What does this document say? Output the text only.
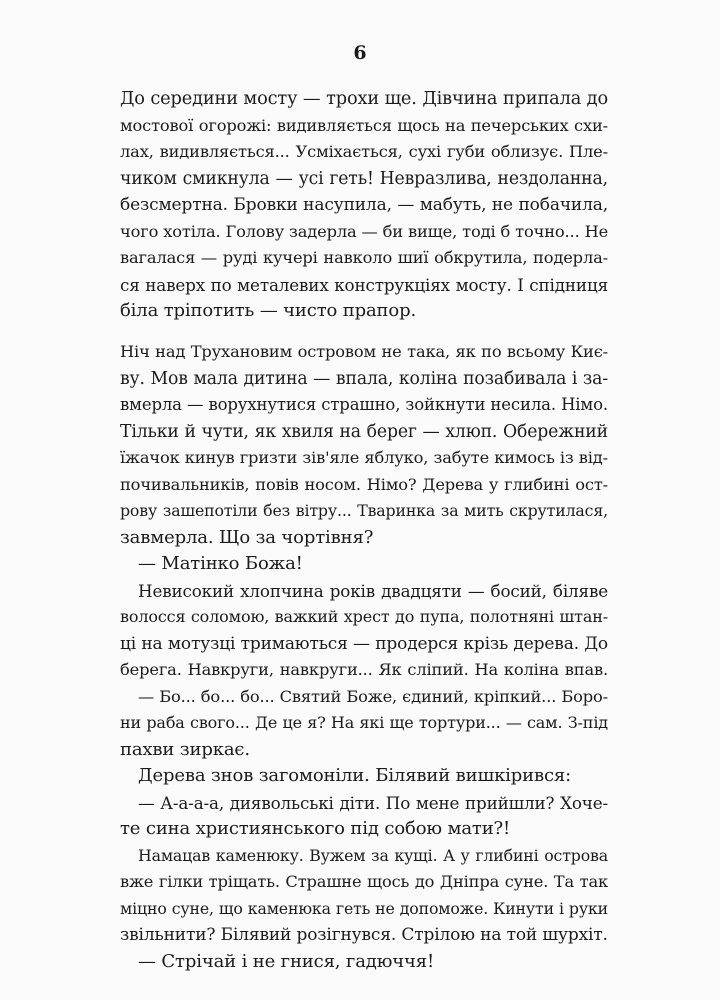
6
До середини мосту — трохи ще. Дівчина припала до
мостової огорожі: видивляється щось на печерських схи-
лах, видивляється... Усміхається, сухі губи облизує. Пле-
чиком смикнула — усі геть! Невразлива, нездоланна,
безсмертна. Бровки насупила, — мабуть, не побачила,
чого хотіла. Голову задерла — би вище, тоді б точно... Не
вагалася — руді кучері навколо шиї обкрутила, подерла-
ся наверх по металевих конструкціях мосту. І спідниця
біла тріпотить — чисто прапор.
Ніч над Трухановим островом не така, як по всьому Киє-
ву. Мов мала дитина — впала, коліна позабивала і за-
вмерла — ворухнутися страшно, зойкнути несила. Німо.
Тільки й чути, як хвиля на берег — хлюп. Обережний
їжачок кинув гризти зів'яле яблуко, забуте кимось із від-
почивальників, повів носом. Німо? Дерева у глибині ост-
рову зашепотіли без вітру... Тваринка за мить скрутилася,
завмерла. Що за чортівня?
— Матінко Божа!
Невисокий хлопчина років двадцяти — босий, біляве
волосся соломою, важкий хрест до пупа, полотняні штан-
ці на мотузці тримаються — продерся крізь дерева. До
берега. Навкруги, навкруги... Як сліпий. На коліна впав.
— Бо... бо... бо... Святий Боже, єдиний, кріпкий... Боро-
ни раба свого... Де це я? На які ще тортури... — сам. З-під
пахви зиркає.
Дерева знов загомоніли. Білявий вишкірився:
— А-а-а-а, диявольські діти. По мене прийшли? Хоче-
те сина християнського під собою мати?!
Намацав каменюку. Вужем за кущі. А у глибині острова
вже гілки тріщать. Страшне щось до Дніпра суне. Та так
міцно суне, що каменюка геть не допоможе. Кинути і руки
звільнити? Білявий розігнувся. Стрілою на той шурхіт.
— Стрічай і не гнися, гадюччя!
